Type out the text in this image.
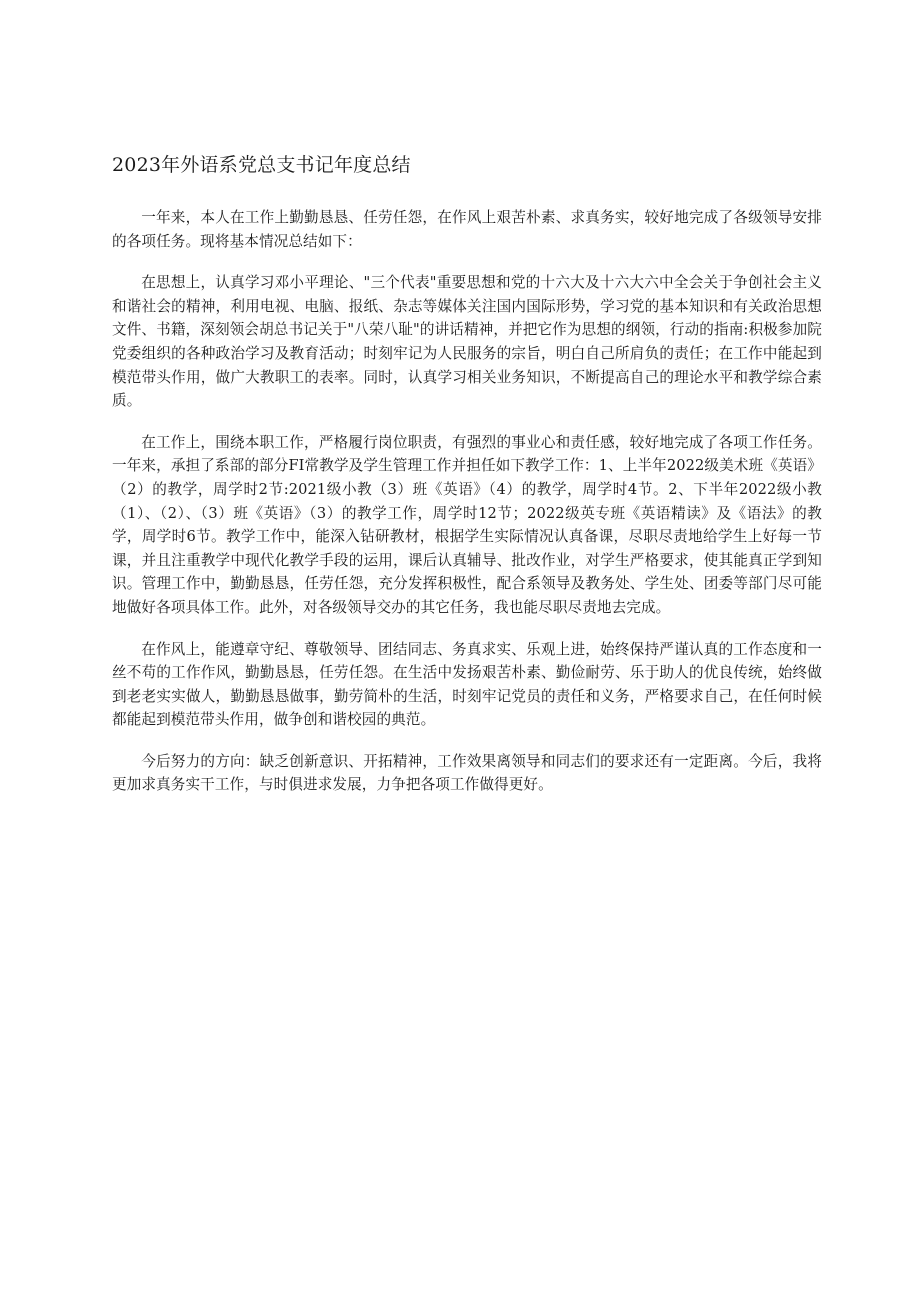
2023年外语系党总支书记年度总结

一年来，本人在工作上勤勤恳恳、任劳任怨，在作风上艰苦朴素、求真务实，较好地完成了各级领导安排的各项任务。现将基本情况总结如下：

在思想上，认真学习邓小平理论、"三个代表"重要思想和党的十六大及十六大六中全会关于争创社会主义和谐社会的精神，利用电视、电脑、报纸、杂志等媒体关注国内国际形势，学习党的基本知识和有关政治思想文件、书籍，深刻领会胡总书记关于"八荣八耻"的讲话精神，并把它作为思想的纲领，行动的指南:积极参加院党委组织的各种政治学习及教育活动；时刻牢记为人民服务的宗旨，明白自己所肩负的责任；在工作中能起到模范带头作用，做广大教职工的表率。同时，认真学习相关业务知识，不断提高自己的理论水平和教学综合素质。

在工作上，围绕本职工作，严格履行岗位职责，有强烈的事业心和责任感，较好地完成了各项工作任务。一年来，承担了系部的部分FI常教学及学生管理工作并担任如下教学工作：1、上半年2022级美术班《英语》（2）的教学，周学时2节:2021级小教（3）班《英语》（4）的教学，周学时4节。2、下半年2022级小教（1）、（2）、（3）班《英语》（3）的教学工作，周学时12节；2022级英专班《英语精读》及《语法》的教学，周学时6节。教学工作中，能深入钻研教材，根据学生实际情况认真备课，尽职尽责地给学生上好每一节课，并且注重教学中现代化教学手段的运用，课后认真辅导、批改作业，对学生严格要求，使其能真正学到知识。管理工作中，勤勤恳恳，任劳任怨，充分发挥积极性，配合系领导及教务处、学生处、团委等部门尽可能地做好各项具体工作。此外，对各级领导交办的其它任务，我也能尽职尽责地去完成。

在作风上，能遵章守纪、尊敬领导、团结同志、务真求实、乐观上进，始终保持严谨认真的工作态度和一丝不苟的工作作风，勤勤恳恳，任劳任怨。在生活中发扬艰苦朴素、勤俭耐劳、乐于助人的优良传统，始终做到老老实实做人，勤勤恳恳做事，勤劳简朴的生活，时刻牢记党员的责任和义务，严格要求自己，在任何时候都能起到模范带头作用，做争创和谐校园的典范。

今后努力的方向：缺乏创新意识、开拓精神，工作效果离领导和同志们的要求还有一定距离。今后，我将更加求真务实干工作，与时俱进求发展，力争把各项工作做得更好。
